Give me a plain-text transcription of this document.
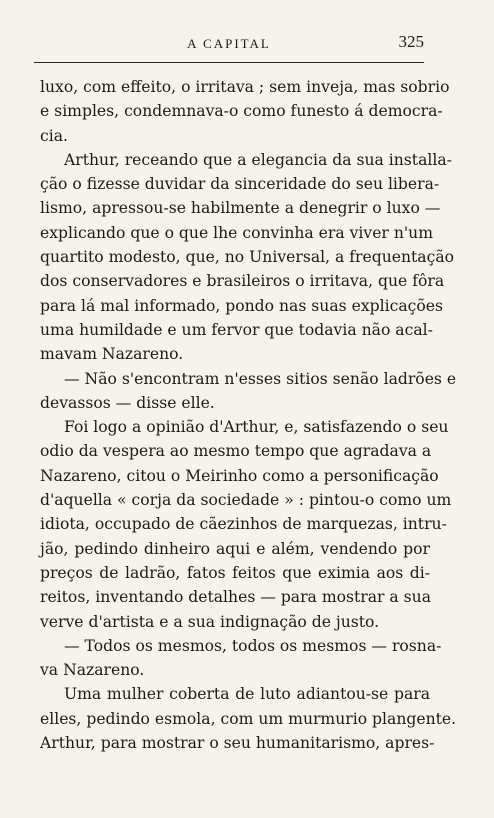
A CAPITAL	325
luxo, com effeito, o irritava ; sem inveja, mas sobrio
e simples, condemnava-o como funesto á democra-
cia.
Arthur, receando que a elegancia da sua installa-
ção o fizesse duvidar da sinceridade do seu libera-
lismo, apressou-se habilmente a denegrir o luxo —
explicando que o que lhe convinha era viver n'um
quartito modesto, que, no Universal, a frequentação
dos conservadores e brasileiros o irritava, que fôra
para lá mal informado, pondo nas suas explicações
uma humildade e um fervor que todavia não acal-
mavam Nazareno.
— Não s'encontram n'esses sitios senão ladrões e
devassos — disse elle.
Foi logo a opinião d'Arthur, e, satisfazendo o seu
odio da vespera ao mesmo tempo que agradava a
Nazareno, citou o Meirinho como a personificação
d'aquella « corja da sociedade » : pintou-o como um
idiota, occupado de cãezinhos de marquezas, intru-
jão, pedindo dinheiro aqui e além, vendendo por
preços de ladrão, fatos feitos que eximia aos di-
reitos, inventando detalhes — para mostrar a sua
verve d'artista e a sua indignação de justo.
— Todos os mesmos, todos os mesmos — rosna-
va Nazareno.
Uma mulher coberta de luto adiantou-se para
elles, pedindo esmola, com um murmurio plangente.
Arthur, para mostrar o seu humanitarismo, apres-
